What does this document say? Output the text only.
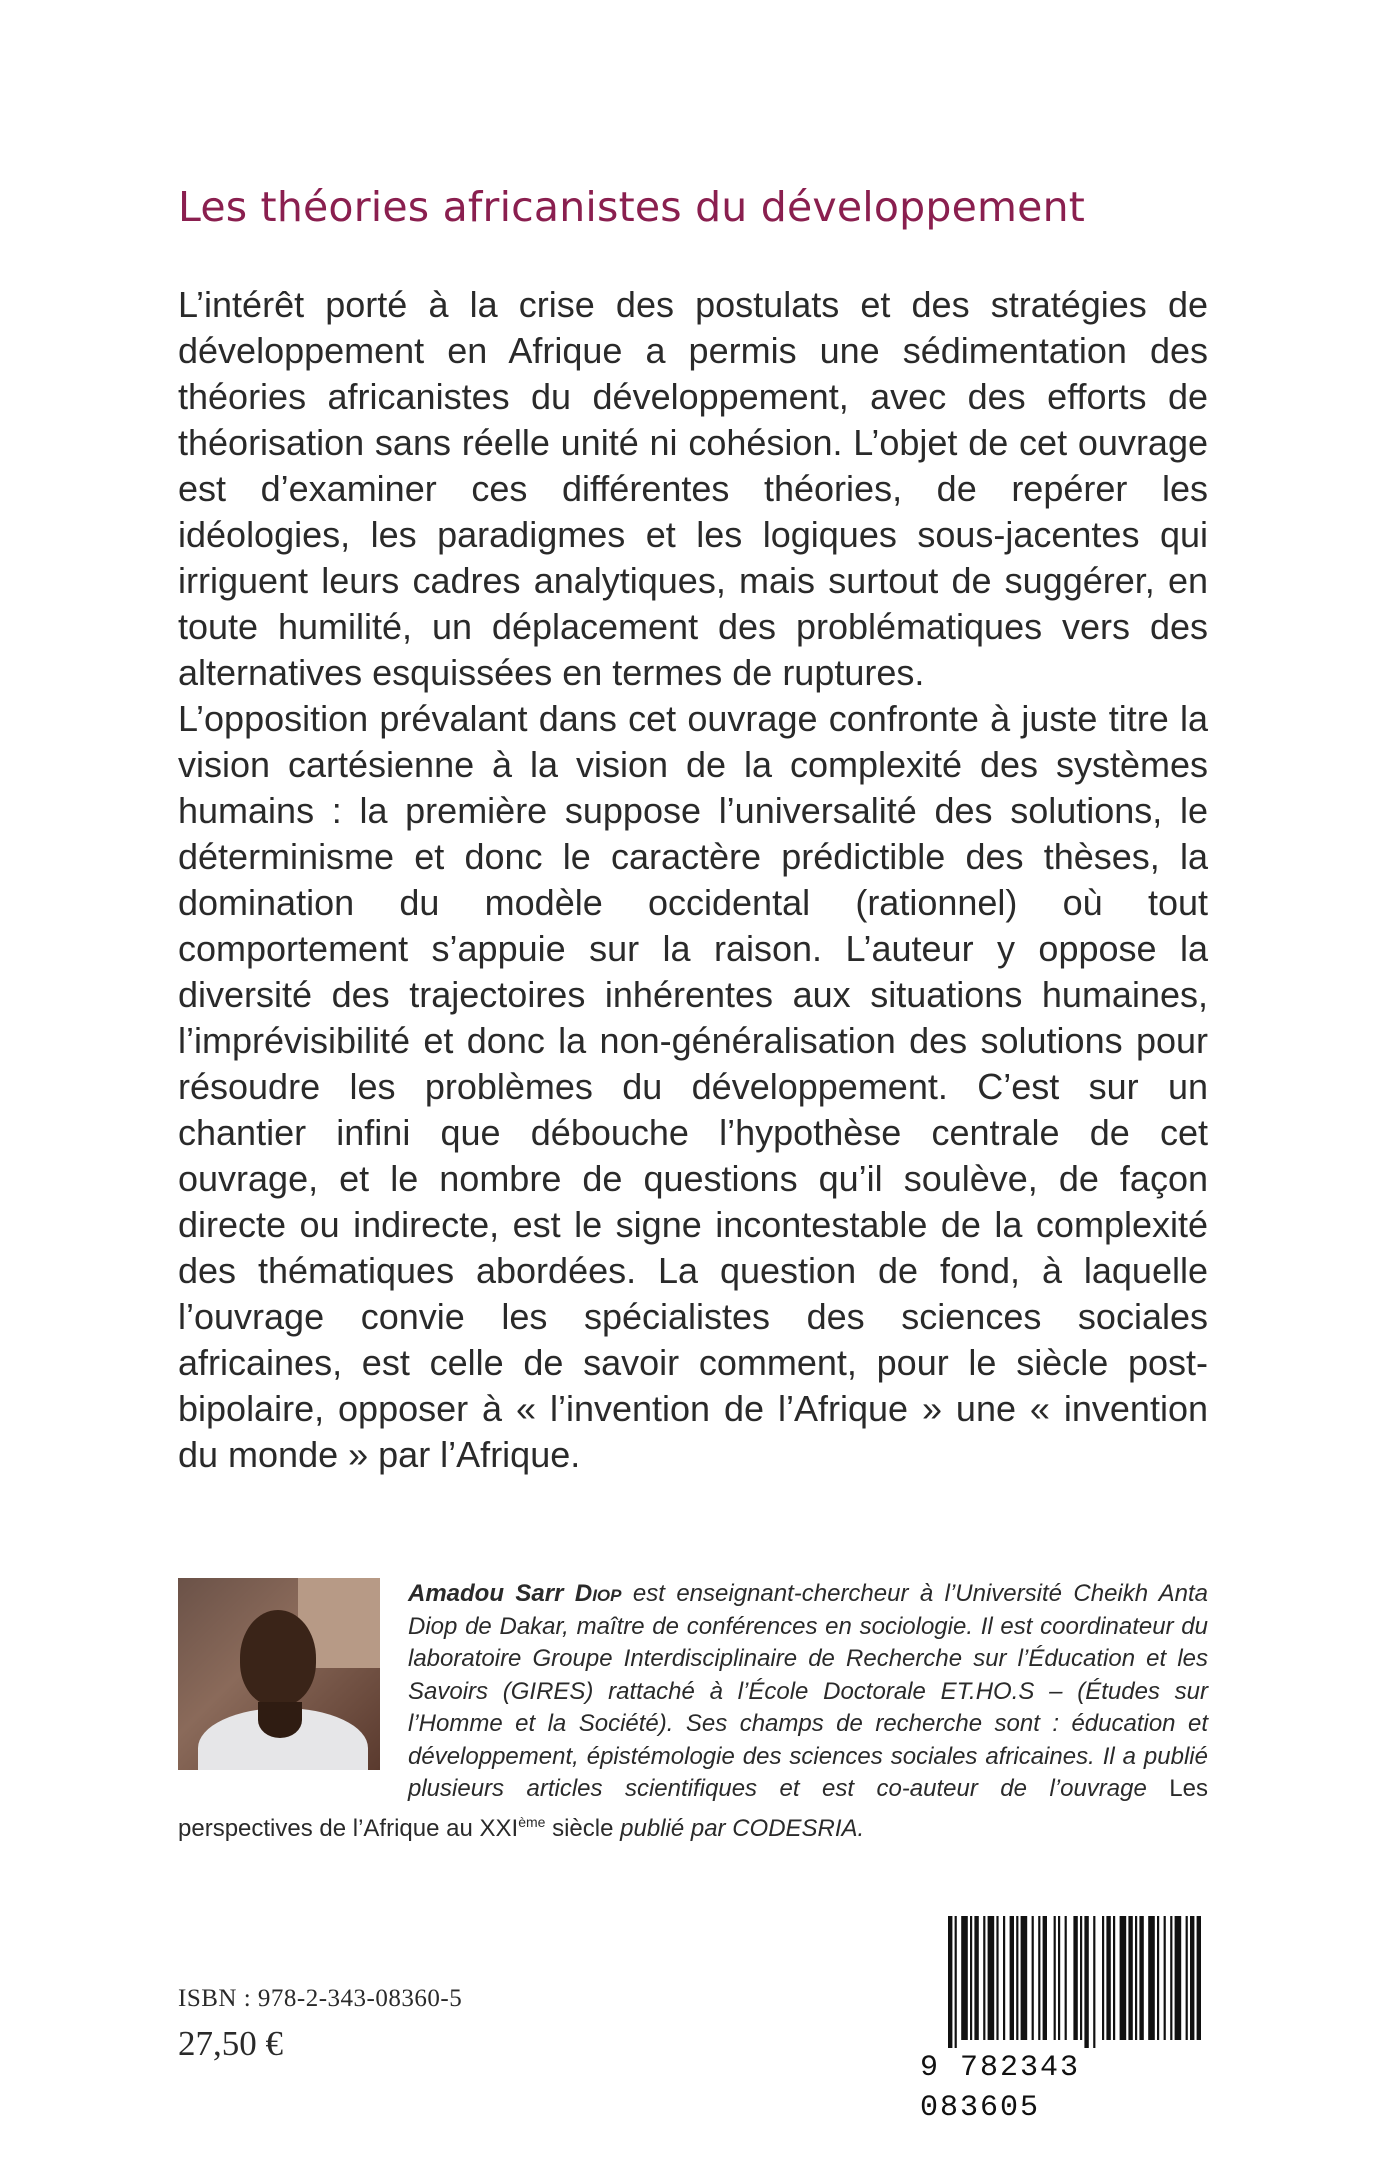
Les théories africanistes du développement

L’intérêt porté à la crise des postulats et des stratégies de développement en Afrique a permis une sédimentation des théories africanistes du développement, avec des efforts de théorisation sans réelle unité ni cohésion. L’objet de cet ouvrage est d’examiner ces différentes théories, de repérer les idéologies, les paradigmes et les logiques sous-jacentes qui irriguent leurs cadres analytiques, mais surtout de suggérer, en toute humilité, un déplacement des problématiques vers des alternatives esquissées en termes de ruptures.

L’opposition prévalant dans cet ouvrage confronte à juste titre la vision cartésienne à la vision de la complexité des systèmes humains : la première suppose l’universalité des solutions, le déterminisme et donc le caractère prédictible des thèses, la domination du modèle occidental (rationnel) où tout comportement s’appuie sur la raison. L’auteur y oppose la diversité des trajectoires inhérentes aux situations humaines, l’imprévisibilité et donc la non-généralisation des solutions pour résoudre les problèmes du développement. C’est sur un chantier infini que débouche l’hypothèse centrale de cet ouvrage, et le nombre de questions qu’il soulève, de façon directe ou indirecte, est le signe incontestable de la complexité des thématiques abordées. La question de fond, à laquelle l’ouvrage convie les spécialistes des sciences sociales africaines, est celle de savoir comment, pour le siècle post-bipolaire, opposer à « l’invention de l’Afrique » une « invention du monde » par l’Afrique.

Amadou Sarr Diop est enseignant-chercheur à l’Université Cheikh Anta Diop de Dakar, maître de conférences en sociologie. Il est coordinateur du laboratoire Groupe Interdisciplinaire de Recherche sur l’Éducation et les Savoirs (GIRES) rattaché à l’École Doctorale ET.HO.S – (Études sur l’Homme et la Société). Ses champs de recherche sont : éducation et développement, épistémologie des sciences sociales africaines. Il a publié plusieurs articles scientifiques et est co-auteur de l’ouvrage Les perspectives de l’Afrique au XXIème siècle publié par CODESRIA.
ISBN : 978-2-343-08360-5
27,50 €
9 782343 083605
